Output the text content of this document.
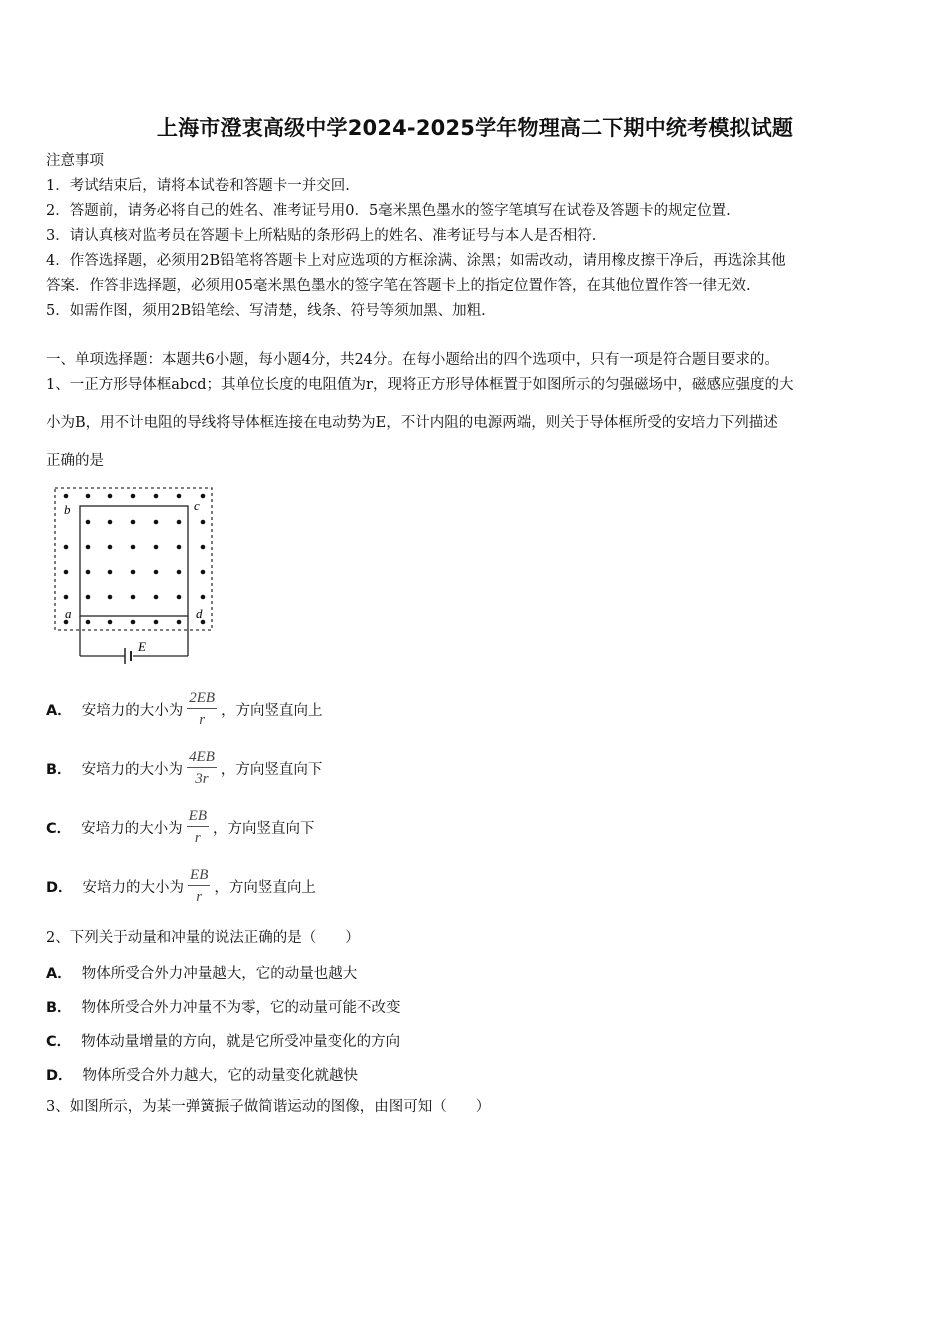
上海市澄衷高级中学2024-2025学年物理高二下期中统考模拟试题
注意事项
1．考试结束后，请将本试卷和答题卡一并交回.
2．答题前，请务必将自己的姓名、准考证号用0．5毫米黑色墨水的签字笔填写在试卷及答题卡的规定位置.
3．请认真核对监考员在答题卡上所粘贴的条形码上的姓名、准考证号与本人是否相符.
4．作答选择题，必须用2B铅笔将答题卡上对应选项的方框涂满、涂黑；如需改动，请用橡皮擦干净后，再选涂其他
答案．作答非选择题，必须用05毫米黑色墨水的签字笔在答题卡上的指定位置作答，在其他位置作答一律无效.
5．如需作图，须用2B铅笔绘、写清楚，线条、符号等须加黑、加粗.
一、单项选择题：本题共6小题，每小题4分，共24分。在每小题给出的四个选项中，只有一项是符合题目要求的。
1、一正方形导体框abcd；其单位长度的电阻值为r，现将正方形导体框置于如图所示的匀强磁场中，磁感应强度的大
小为B，用不计电阻的导线将导体框连接在电动势为E，不计内阻的电源两端，则关于导体框所受的安培力下列描述
正确的是
b	c
a	d
E
A． 安培力的大小为 $\frac{2EB}{r}$ ，方向竖直向上
B． 安培力的大小为 $\frac{4EB}{3r}$ ，方向竖直向下
C． 安培力的大小为 $\frac{EB}{r}$ ，方向竖直向下
D． 安培力的大小为 $\frac{EB}{r}$ ，方向竖直向上
2、下列关于动量和冲量的说法正确的是（　　）
A． 物体所受合外力冲量越大，它的动量也越大
B． 物体所受合外力冲量不为零，它的动量可能不改变
C． 物体动量增量的方向，就是它所受冲量变化的方向
D． 物体所受合外力越大，它的动量变化就越快
3、如图所示，为某一弹簧振子做简谐运动的图像，由图可知（　　）
